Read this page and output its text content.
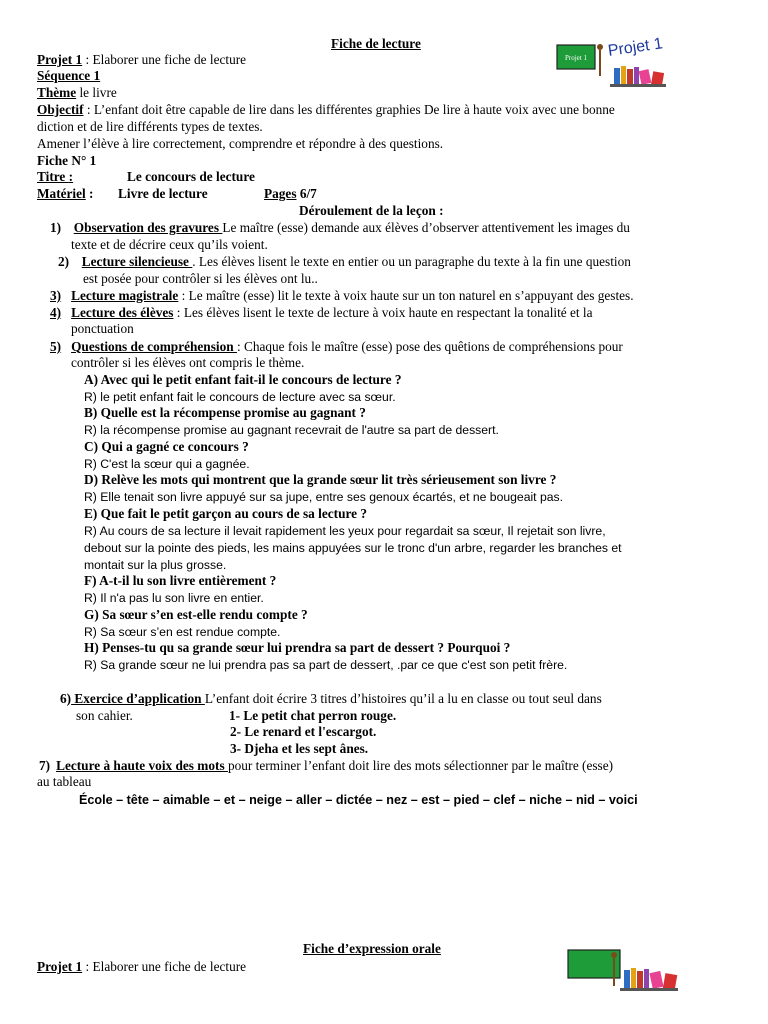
Fiche de lecture
Projet 1 Projet 1
Projet 1 : Elaborer une fiche de lecture
Séquence 1
Thème le livre
Objectif : L’enfant doit être capable de lire dans les différentes graphies De lire à haute voix avec une bonne
diction et de lire différents types de textes.
Amener l’élève à lire correctement, comprendre et répondre à des questions.
Fiche N° 1
Titre :	Le concours de lecture
Matériel : Livre de lecture	Pages 6/7
Déroulement de la leçon :
1) Observation des gravures Le maître (esse) demande aux élèves d’observer attentivement les images du
texte et de décrire ceux qu’ils voient.
2) Lecture silencieuse . Les élèves lisent le texte en entier ou un paragraphe du texte à la fin une question
est posée pour contrôler si les élèves ont lu..
3) Lecture magistrale : Le maître (esse) lit le texte à voix haute sur un ton naturel en s’appuyant des gestes.
4) Lecture des élèves : Les élèves lisent le texte de lecture à voix haute en respectant la tonalité et la
ponctuation
5) Questions de compréhension : Chaque fois le maître (esse) pose des quêtions de compréhensions pour
contrôler si les élèves ont compris le thème.
A) Avec qui le petit enfant fait-il le concours de lecture ?
R) le petit enfant fait le concours de lecture avec sa sœur.
B) Quelle est la récompense promise au gagnant ?
R) la récompense promise au gagnant recevrait de l'autre sa part de dessert.
C) Qui a gagné ce concours ?
R) C'est la sœur qui a gagnée.
D) Relève les mots qui montrent que la grande sœur lit très sérieusement son livre ?
R) Elle tenait son livre appuyé sur sa jupe, entre ses genoux écartés, et ne bougeait pas.
E) Que fait le petit garçon au cours de sa lecture ?
R) Au cours de sa lecture il levait rapidement les yeux pour regardait sa sœur, Il rejetait son livre,
debout sur la pointe des pieds, les mains appuyées sur le tronc d'un arbre, regarder les branches et
montait sur la plus grosse.
F) A-t-il lu son livre entièrement ?
R) Il n'a pas lu son livre en entier.
G) Sa sœur s’en est-elle rendu compte ?
R) Sa sœur s’en est rendue compte.
H) Penses-tu qu sa grande sœur lui prendra sa part de dessert ? Pourquoi ?
R) Sa grande sœur ne lui prendra pas sa part de dessert, .par ce que c'est son petit frère.
6) Exercice d’application L’enfant doit écrire 3 titres d’histoires qu’il a lu en classe ou tout seul dans
son cahier.	1- Le petit chat perron rouge.
2- Le renard et l'escargot.
3- Djeha et les sept ânes.
7) Lecture à haute voix des mots pour terminer l’enfant doit lire des mots sélectionner par le maître (esse)
au tableau
École – tête – aimable – et – neige – aller – dictée – nez – est – pied – clef – niche – nid – voici
Fiche d’expression orale
Projet 1 : Elaborer une fiche de lecture
